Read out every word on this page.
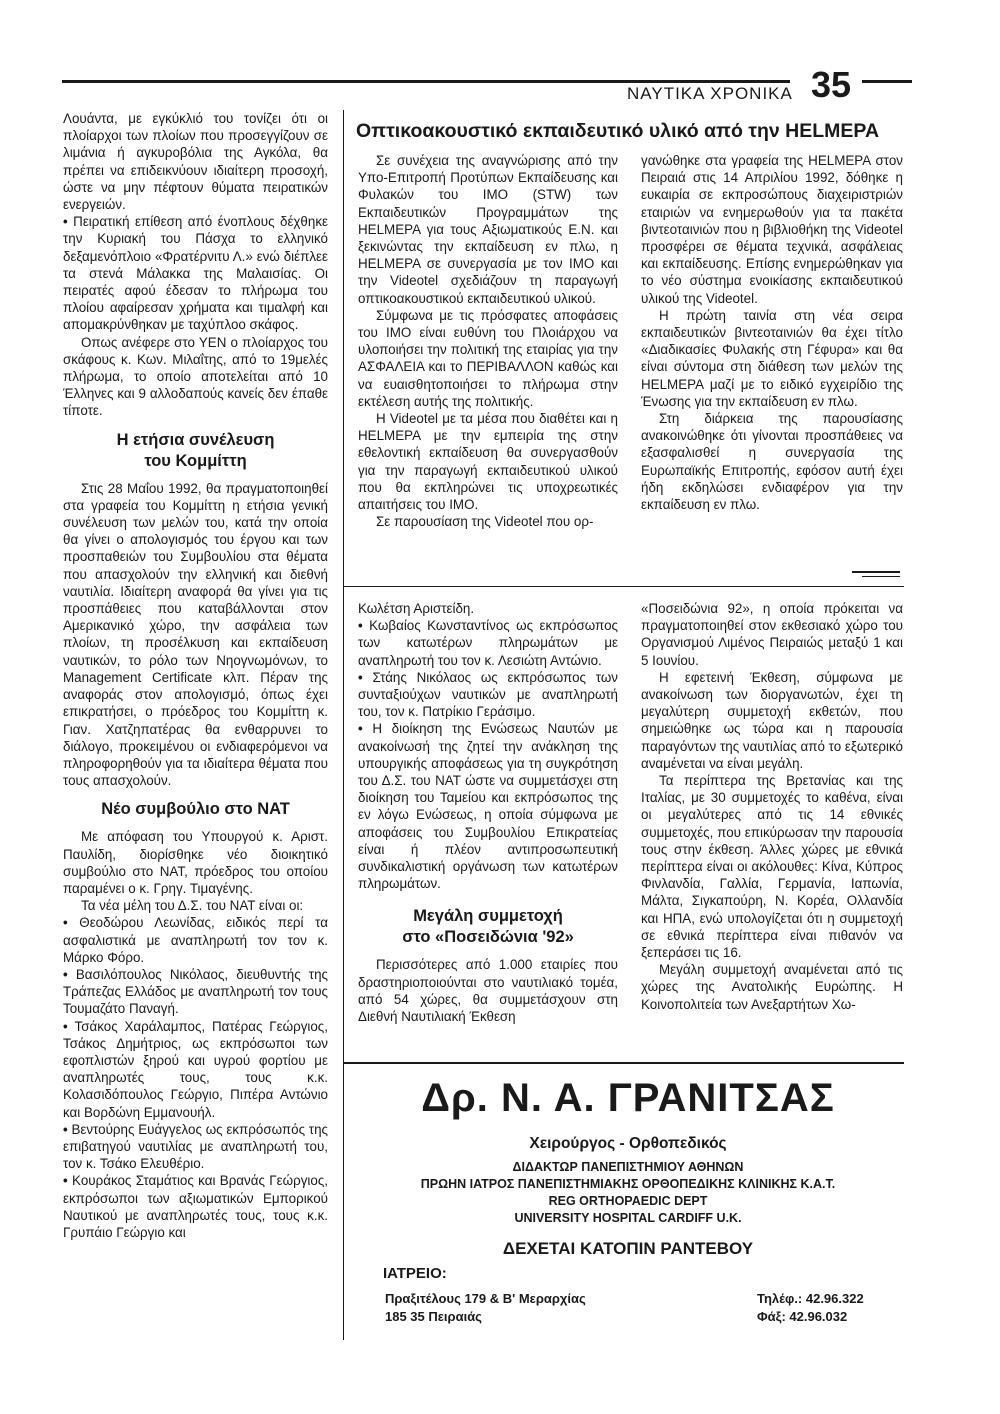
ΝΑΥΤΙΚΑ ΧΡΟΝΙΚΑ 35

Λουάντα, με εγκύκλιό του τονίζει ότι οι πλοίαρχοι των πλοίων που προσεγγίζουν σε λιμάνια ή αγκυροβόλια της Αγκόλα, θα πρέπει να επιδεικνύουν ιδιαίτερη προσοχή, ώστε να μην πέφτουν θύματα πειρατικών ενεργειών.

• Πειρατική επίθεση από ένοπλους δέχθηκε την Κυριακή του Πάσχα το ελληνικό δεξαμενόπλοιο «Φρατέρνιτυ Λ.» ενώ διέπλεε τα στενά Μάλακκα της Μαλαισίας. Οι πειρατές αφού έδεσαν το πλήρωμα του πλοίου αφαίρεσαν χρήματα και τιμαλφή και απομακρύνθηκαν με ταχύπλοο σκάφος.

Οπως ανέφερε στο ΥΕΝ ο πλοίαρχος του σκάφους κ. Κων. Μιλαΐτης, από το 19μελές πλήρωμα, το οποίο αποτελείται από 10 Έλληνες και 9 αλλοδαπούς κανείς δεν έπαθε τίποτε.

Η ετήσια συνέλευση
του Κομμίττη

Στις 28 Μαΐου 1992, θα πραγματοποιηθεί στα γραφεία του Κομμίττη η ετήσια γενική συνέλευση των μελών του, κατά την οποία θα γίνει ο απολογισμός του έργου και των προσπαθειών του Συμβουλίου στα θέματα που απασχολούν την ελληνική και διεθνή ναυτιλία. Ιδιαίτερη αναφορά θα γίνει για τις προσπάθειες που καταβάλλονται στον Αμερικανικό χώρο, την ασφάλεια των πλοίων, τη προσέλκυση και εκπαίδευση ναυτικών, το ρόλο των Νηογνωμόνων, το Management Certificate κλπ. Πέραν της αναφοράς στον απολογισμό, όπως έχει επικρατήσει, ο πρόεδρος του Κομμίττη κ. Γιαν. Χατζηπατέρας θα ενθαρρυνει το διάλογο, προκειμένου οι ενδιαφερόμενοι να πληροφορηθούν για τα ιδιαίτερα θέματα που τους απασχολούν.

Νέο συμβούλιο στο ΝΑΤ

Με απόφαση του Υπουργού κ. Αριστ. Παυλίδη, διορίσθηκε νέο διοικητικό συμβούλιο στο ΝΑΤ, πρόεδρος του οποίου παραμένει ο κ. Γρηγ. Τιμαγένης.

Τα νέα μέλη του Δ.Σ. του ΝΑΤ είναι οι:

• Θεοδώρου Λεωνίδας, ειδικός περί τα ασφαλιστικά με αναπληρωτή τον τον κ. Μάρκο Φόρο.

• Βασιλόπουλος Νικόλαος, διευθυντής της Τράπεζας Ελλάδος με αναπληρωτή τον τους Τουμαζάτο Παναγή.

• Τσάκος Χαράλαμπος, Πατέρας Γεώργιος, Τσάκος Δημήτριος, ως εκπρόσωποι των εφοπλιστών ξηρού και υγρού φορτίου με αναπληρωτές τους, τους κ.κ. Κολασιδόπουλος Γεώργιο, Πιπέρα Αντώνιο και Βορδώνη Εμμανουήλ.

• Βεντούρης Ευάγγελος ως εκπρόσωπός της επιβατηγού ναυτιλίας με αναπληρωτή του, τον κ. Τσάκο Ελευθέριο.

• Κουράκος Σταμάτιος και Βρανάς Γεώργιος, εκπρόσωποι των αξιωματικών Εμπορικού Ναυτικού με αναπληρωτές τους, τους κ.κ. Γρυπάιο Γεώργιο και

Οπτικοακουστικό εκπαιδευτικό υλικό από την HELMEPA

Σε συνέχεια της αναγνώρισης από την Υπο-Επιτροπή Προτύπων Εκπαίδευσης και Φυλακών του ΙΜΟ (STW) των Εκπαιδευτικών Προγραμμάτων της HELMEPA για τους Αξιωματικούς Ε.Ν. και ξεκινώντας την εκπαίδευση εν πλω, η HELMEPA σε συνεργασία με τον ΙΜΟ και την Videotel σχεδιάζουν τη παραγωγή οπτικοακουστικού εκπαιδευτικού υλικού.

Σύμφωνα με τις πρόσφατες αποφάσεις του ΙΜΟ είναι ευθύνη του Πλοιάρχου να υλοποιήσει την πολιτική της εταιρίας για την ΑΣΦΑΛΕΙΑ και το ΠΕΡΙΒΑΛΛΟΝ καθώς και να ευαισθητοποιήσει το πλήρωμα στην εκτέλεση αυτής της πολιτικής.

Η Videotel με τα μέσα που διαθέτει και η HELMEPA με την εμπειρία της στην εθελοντική εκπαίδευση θα συνεργασθούν για την παραγωγή εκπαιδευτικού υλικού που θα εκπληρώνει τις υποχρεωτικές απαιτήσεις του ΙΜΟ.

Σε παρουσίαση της Videotel που ορ-

γανώθηκε στα γραφεία της HELMEPA στον Πειραιά στις 14 Απριλίου 1992, δόθηκε η ευκαιρία σε εκπροσώπους διαχειριστριών εταιριών να ενημερωθούν για τα πακέτα βιντεοταινιών που η βιβλιοθήκη της Videotel προσφέρει σε θέματα τεχνικά, ασφάλειας και εκπαίδευσης. Επίσης ενημερώθηκαν για το νέο σύστημα ενοικίασης εκπαιδευτικού υλικού της Videotel.

Η πρώτη ταινία στη νέα σειρα εκπαιδευτικών βιντεοταινιών θα έχει τίτλο «Διαδικασίες Φυλακής στη Γέφυρα» και θα είναι σύντομα στη διάθεση των μελών της HELMEPA μαζί με το ειδικό εγχειρίδιο της Ένωσης για την εκπαίδευση εν πλω.

Στη διάρκεια της παρουσίασης ανακοινώθηκε ότι γίνονται προσπάθειες να εξασφαλισθεί η συνεργασία της Ευρωπαϊκής Επιτροπής, εφόσον αυτή έχει ήδη εκδηλώσει ενδιαφέρον για την εκπαίδευση εν πλω.

Κωλέτση Αριστείδη.

• Κωβαίος Κωνσταντίνος ως εκπρόσωπος των κατωτέρων πληρωμάτων με αναπληρωτή του τον κ. Λεσιώτη Αντώνιο.

• Στάης Νικόλαος ως εκπρόσωπος των συνταξιούχων ναυτικών με αναπληρωτή του, τον κ. Πατρίκιο Γεράσιμο.

• Η διοίκηση της Ενώσεως Ναυτών με ανακοίνωσή της ζητεί την ανάκληση της υπουργικής αποφάσεως για τη συγκρότηση του Δ.Σ. του ΝΑΤ ώστε να συμμετάσχει στη διοίκηση του Ταμείου και εκπρόσωπος της εν λόγω Ενώσεως, η οποία σύμφωνα με αποφάσεις του Συμβουλίου Επικρατείας είναι ή πλέον αντιπροσωπευτική συνδικαλιστική οργάνωση των κατωτέρων πληρωμάτων.

Μεγάλη συμμετοχή
στο «Ποσειδώνια '92»

Περισσότερες από 1.000 εταιρίες που δραστηριοποιούνται στο ναυτιλιακό τομέα, από 54 χώρες, θα συμμετάσχουν στη Διεθνή Ναυτιλιακή Έκθεση

«Ποσειδώνια 92», η οποία πρόκειται να πραγματοποιηθεί στον εκθεσιακό χώρο του Οργανισμού Λιμένος Πειραιώς μεταξύ 1 και 5 Ιουνίου.

Η εφετεινή Έκθεση, σύμφωνα με ανακοίνωση των διοργανωτών, έχει τη μεγαλύτερη συμμετοχή εκθετών, που σημειώθηκε ως τώρα και η παρουσία παραγόντων της ναυτιλίας από το εξωτερικό αναμένεται να είναι μεγάλη.

Τα περίπτερα της Βρετανίας και της Ιταλίας, με 30 συμμετοχές το καθένα, είναι οι μεγαλύτερες από τις 14 εθνικές συμμετοχές, που επικύρωσαν την παρουσία τους στην έκθεση. Άλλες χώρες με εθνικά περίπτερα είναι οι ακόλουθες: Κίνα, Κύπρος Φινλανδία, Γαλλία, Γερμανία, Ιαπωνία, Μάλτα, Σιγκαπούρη, Ν. Κορέα, Ολλανδία και ΗΠΑ, ενώ υπολογίζεται ότι η συμμετοχή σε εθνικά περίπτερα είναι πιθανόν να ξεπεράσει τις 16.

Μεγάλη συμμετοχή αναμένεται από τις χώρες της Ανατολικής Ευρώπης. Η Κοινοπολιτεία των Ανεξαρτήτων Χω-

Δρ. Ν. Α. ΓΡΑΝΙΤΣΑΣ
Χειρούργος - Ορθοπεδικός
ΔΙΔΑΚΤΩΡ ΠΑΝΕΠΙΣΤΗΜΙΟΥ ΑΘΗΝΩΝ
ΠΡΩΗΝ ΙΑΤΡΟΣ ΠΑΝΕΠΙΣΤΗΜΙΑΚΗΣ ΟΡΘΟΠΕΔΙΚΗΣ ΚΛΙΝΙΚΗΣ Κ.Α.Τ.
REG ORTHOPAEDIC DEPT
UNIVERSITY HOSPITAL CARDIFF U.K.
ΔΕΧΕΤΑΙ ΚΑΤΟΠΙΝ ΡΑΝΤΕΒΟΥ
ΙΑΤΡΕΙΟ:
Πραξιτέλους 179 & Β' Μεραρχίας
185 35 Πειραιάς
Τηλέφ.: 42.96.322
Φάξ: 42.96.032
